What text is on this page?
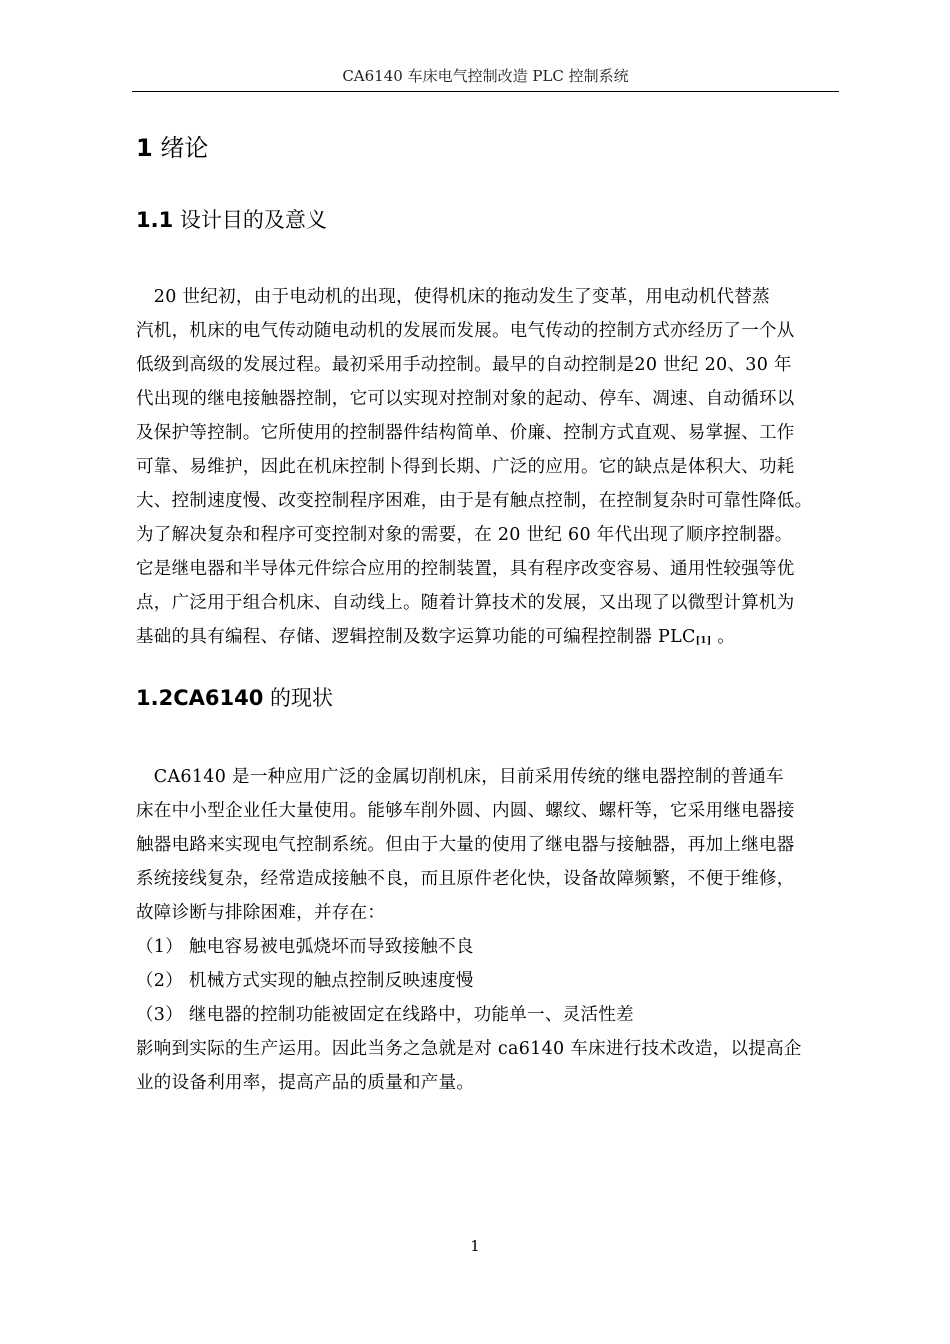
CA6140 车床电气控制改造 PLC 控制系统
1 绪论
1.1 设计目的及意义
　20 世纪初，由于电动机的出现，使得机床的拖动发生了变革，用电动机代替蒸
汽机，机床的电气传动随电动机的发展而发展。电气传动的控制方式亦经历了一个从
低级到高级的发展过程。最初采用手动控制。最早的自动控制是20 世纪 20、30 年
代出现的继电接触器控制，它可以实现对控制对象的起动、停车、凋速、自动循环以
及保护等控制。它所使用的控制器件结构简单、价廉、控制方式直观、易掌握、工作
可靠、易维护，因此在机床控制卜得到长期、广泛的应用。它的缺点是体积大、功耗
大、控制速度慢、改变控制程序困难，由于是有触点控制，在控制复杂时可靠性降低。
为了解决复杂和程序可变控制对象的需要，在 20 世纪 60 年代出现了顺序控制器。
它是继电器和半导体元件综合应用的控制装置，具有程序改变容易、通用性较强等优
点，广泛用于组合机床、自动线上。随着计算技术的发展，又出现了以微型计算机为
基础的具有编程、存储、逻辑控制及数字运算功能的可编程控制器 PLC[1] 。
1.2CA6140 的现状
　CA6140 是一种应用广泛的金属切削机床，目前采用传统的继电器控制的普通车
床在中小型企业任大量使用。能够车削外圆、内圆、螺纹、螺杆等，它采用继电器接
触器电路来实现电气控制系统。但由于大量的使用了继电器与接触器，再加上继电器
系统接线复杂，经常造成接触不良，而且原件老化快，设备故障频繁，不便于维修，
故障诊断与排除困难，并存在：
（1） 触电容易被电弧烧坏而导致接触不良
（2） 机械方式实现的触点控制反映速度慢
（3） 继电器的控制功能被固定在线路中，功能单一、灵活性差
影响到实际的生产运用。因此当务之急就是对 ca6140 车床进行技术改造，以提高企
业的设备利用率，提高产品的质量和产量。
1
